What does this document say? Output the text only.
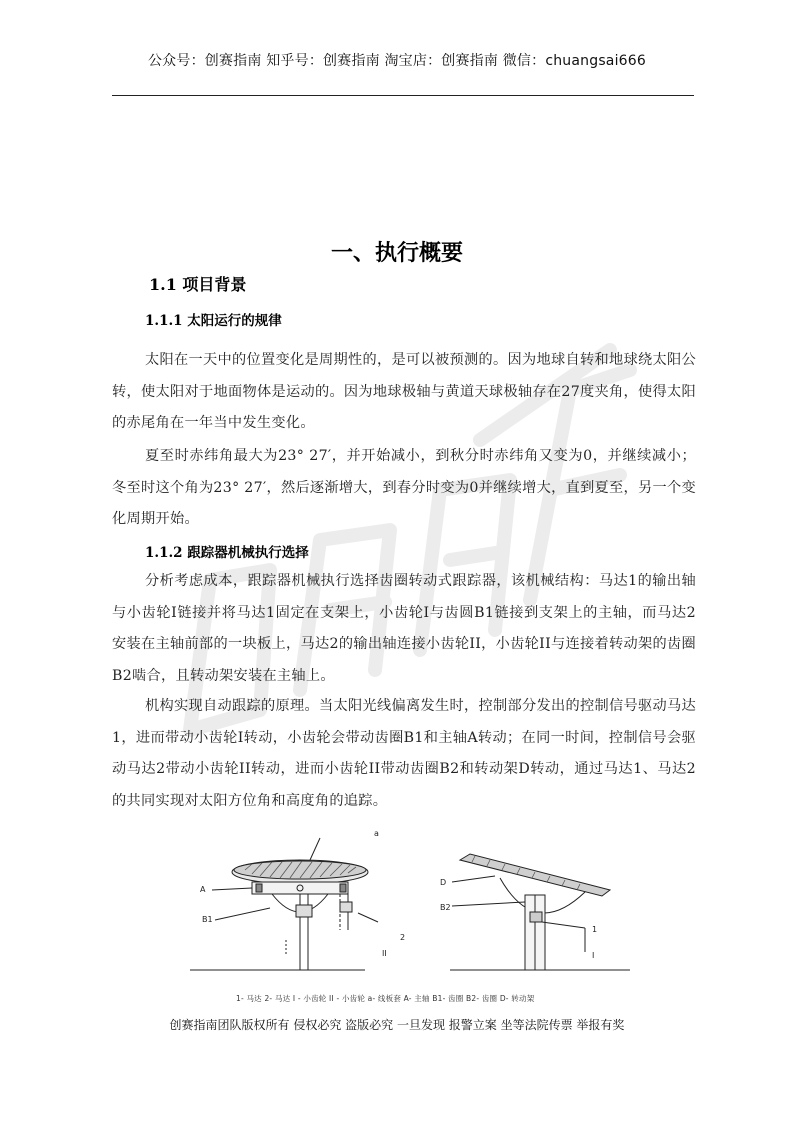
公众号：创赛指南 知乎号：创赛指南 淘宝店：创赛指南 微信：chuangsai666
一、执行概要
1.1 项目背景
1.1.1 太阳运行的规律

太阳在一天中的位置变化是周期性的，是可以被预测的。因为地球自转和地球绕太阳公转，使太阳对于地面物体是运动的。因为地球极轴与黄道天球极轴存在27度夹角，使得太阳的赤尾角在一年当中发生变化。

夏至时赤纬角最大为23° 27′，并开始减小，到秋分时赤纬角又变为0，并继续减小；冬至时这个角为23° 27′，然后逐渐增大，到春分时变为0并继续增大，直到夏至，另一个变化周期开始。

1.1.2 跟踪器机械执行选择

分析考虑成本，跟踪器机械执行选择齿圈转动式跟踪器，该机械结构：马达1的输出轴与小齿轮I链接并将马达1固定在支架上，小齿轮I与齿圆B1链接到支架上的主轴，而马达2安装在主轴前部的一块板上，马达2的输出轴连接小齿轮II，小齿轮II与连接着转动架的齿圈B2啮合，且转动架安装在主轴上。

机构实现自动跟踪的原理。当太阳光线偏离发生时，控制部分发出的控制信号驱动马达1，进而带动小齿轮I转动，小齿轮会带动齿圈B1和主轴A转动；在同一时间，控制信号会驱动马达2带动小齿轮II转动，进而小齿轮II带动齿圈B2和转动架D转动，通过马达1、马达2的共同实现对太阳方位角和高度角的追踪。

a
A
B1
2
II
D
B2
1
I
1- 马达 2- 马达 I - 小齿轮 II - 小齿轮 a- 线板套 A- 主轴 B1- 齿圈 B2- 齿圈 D- 转动架
创赛指南团队版权所有 侵权必究 盗版必究 一旦发现 报警立案 坐等法院传票 举报有奖
